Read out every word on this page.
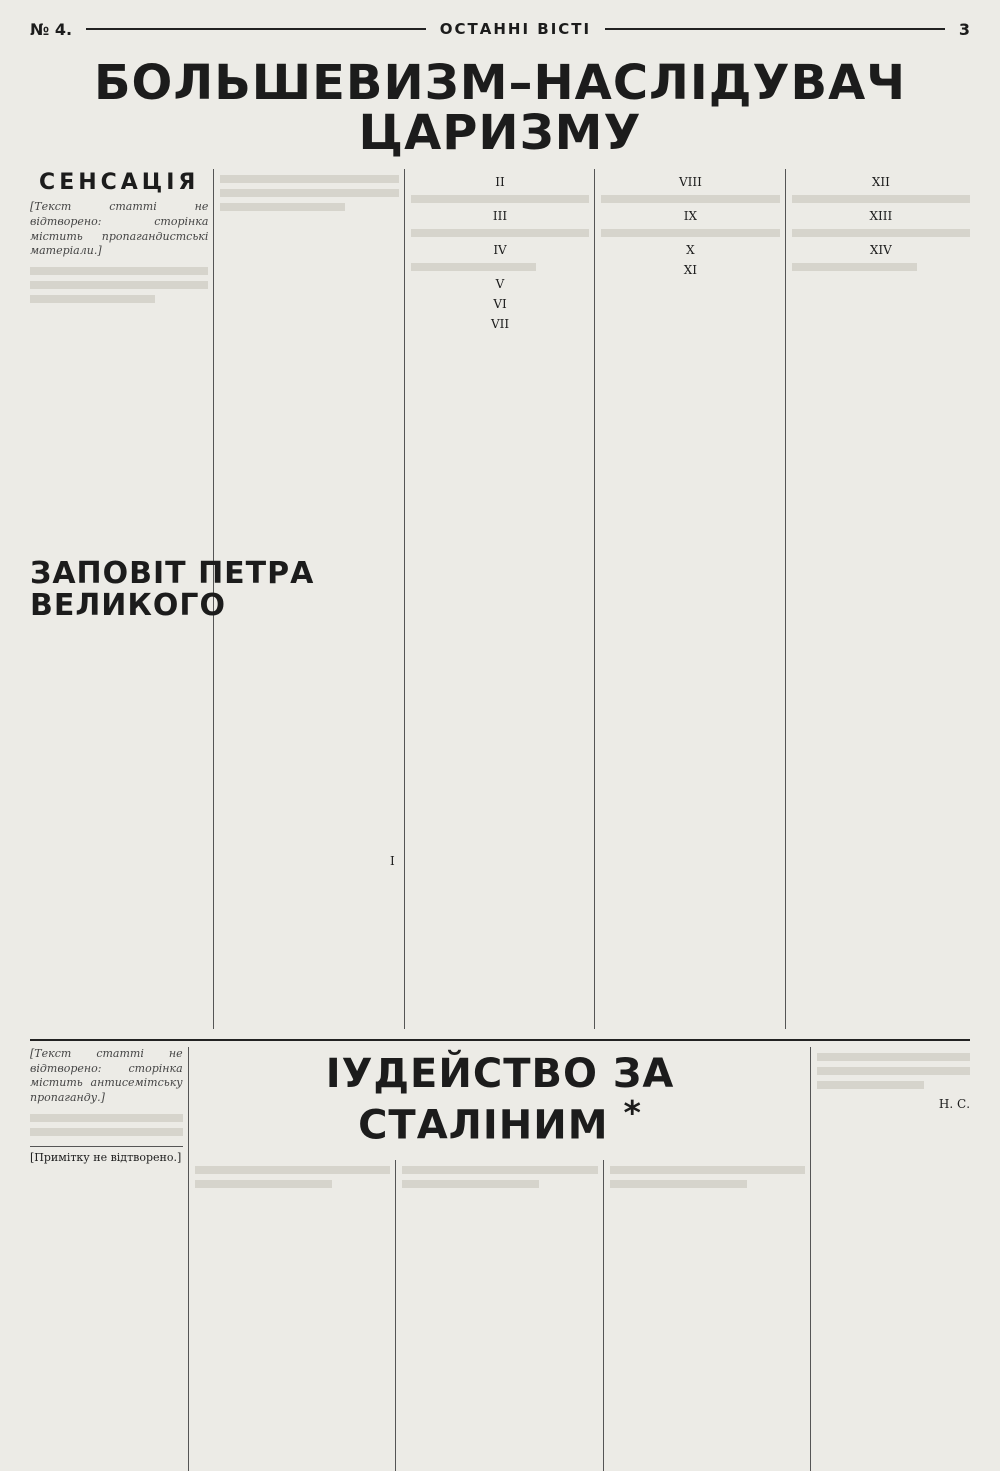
№ 4.	ОСТАННІ ВІСТІ	3
БОЛЬШЕВИЗМ–НАСЛІДУВАЧ ЦАРИЗМУ
СЕНСАЦІЯ

[Текст статті не відтворено: сторінка містить пропагандистські матеріали.]

II
III
IV
V
VI
VII
VIII
IX
X
XI
XII
XIII
XIV
ЗАПОВІТ ПЕТРА ВЕЛИКОГО
I

[Текст статті не відтворено: сторінка містить антисемітську пропаганду.]

[Примітку не відтворено.]
ІУДЕЙСТВО ЗА СТАЛІНИМ *	Н. С.
